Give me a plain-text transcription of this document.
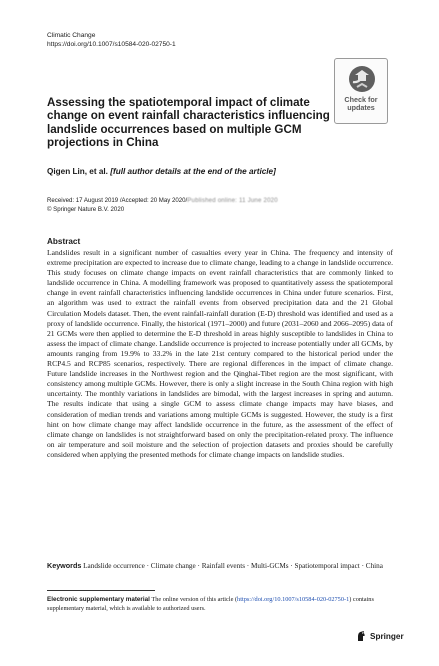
Climatic Change
https://doi.org/10.1007/s10584-020-02750-1
Check for
updates
Assessing the spatiotemporal impact of climate change on event rainfall characteristics influencing landslide occurrences based on multiple GCM projections in China
Qigen Lin, et al. [full author details at the end of the article]
Received: 17 August 2019 /Accepted: 20 May 2020/Published online: 11 June 2020
© Springer Nature B.V. 2020
Abstract

Landslides result in a significant number of casualties every year in China. The frequency and intensity of extreme precipitation are expected to increase due to climate change, leading to a change in landslide occurrence. This study focuses on climate change impacts on event rainfall characteristics that are commonly linked to landslide occurrence in China. A modelling framework was proposed to quantitatively assess the spatiotemporal change in event rainfall characteristics influencing landslide occurrences in China under future scenarios. First, an algorithm was used to extract the rainfall events from observed precipitation data and the 21 Global Circulation Models dataset. Then, the event rainfall-rainfall duration (E-D) threshold was identified and used as a proxy of landslide occurrence. Finally, the historical (1971–2000) and future (2031–2060 and 2066–2095) data of 21 GCMs were then applied to determine the E-D threshold in areas highly susceptible to landslides in China to assess the impact of climate change. Landslide occurrence is projected to increase potentially under all GCMs, by amounts ranging from 19.9% to 33.2% in the late 21st century compared to the historical period under the RCP4.5 and RCP85 scenarios, respectively. There are regional differences in the impact of climate change. Future landslide increases in the Northwest region and the Qinghai-Tibet region are the most significant, with consistency among multiple GCMs. However, there is only a slight increase in the South China region with high uncertainty. The monthly variations in landslides are bimodal, with the largest increases in spring and autumn. The results indicate that using a single GCM to assess climate change impacts may have biases, and consideration of median trends and variations among multiple GCMs is suggested. However, the study is a first hint on how climate change may affect landslide occurrence in the future, as the assessment of the effect of climate change on landslides is not straightforward based on only the precipitation-related proxy. The influence on air temperature and soil moisture and the selection of projection datasets and proxies should be carefully considered when applying the presented methods for climate change impacts on landslide studies.

Keywords Landslide occurrence · Climate change · Rainfall events · Multi-GCMs · Spatiotemporal impact · China
Electronic supplementary material The online version of this article (https://doi.org/10.1007/s10584-020-02750-1) contains supplementary material, which is available to authorized users.
Springer
